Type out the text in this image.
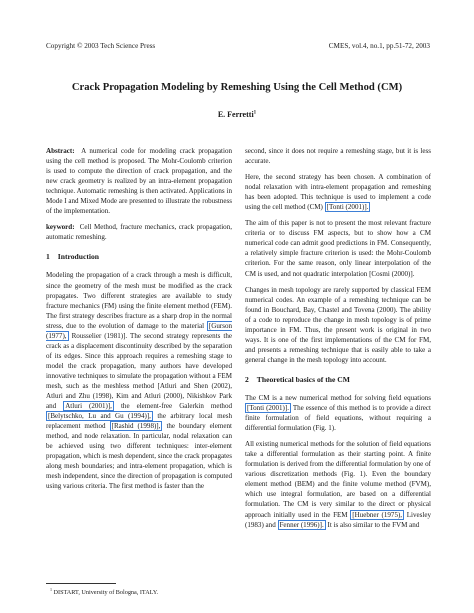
Copyright © 2003 Tech Science Press	CMES, vol.4, no.1, pp.51-72, 2003
Crack Propagation Modeling by Remeshing Using the Cell Method (CM)
E. Ferretti$^1$

Abstract: A numerical code for modeling crack propagation using the cell method is proposed. The Mohr-Coulomb criterion is used to compute the direction of crack propagation, and the new crack geometry is realized by an intra-element propagation technique. Automatic remeshing is then activated. Applications in Mode I and Mixed Mode are presented to illustrate the robustness of the implementation.

keyword: Cell Method, fracture mechanics, crack propagation, automatic remeshing.

1 Introduction

Modeling the propagation of a crack through a mesh is difficult, since the geometry of the mesh must be modified as the crack propagates. Two different strategies are available to study fracture mechanics (FM) using the finite element method (FEM). The first strategy describes fracture as a sharp drop in the normal stress, due to the evolution of damage to the material [Gurson (1977), Rousselier (1981)]. The second strategy represents the crack as a displacement discontinuity described by the separation of its edges. Since this approach requires a remeshing stage to model the crack propagation, many authors have developed innovative techniques to simulate the propagation without a FEM mesh, such as the meshless method [Atluri and Shen (2002), Atluri and Zhu (1998), Kim and Atluri (2000), Nikishkov Park and Atluri (2001)], the element-free Galerkin method [Belytschko, Lu and Gu (1994)], the arbitrary local mesh replacement method [Rashid (1998)], the boundary element method, and node relaxation. In particular, nodal relaxation can be achieved using two different techniques: inter-element propagation, which is mesh dependent, since the crack propagates along mesh boundaries; and intra-element propagation, which is mesh independent, since the direction of propagation is computed using various criteria. The first method is faster than the

second, since it does not require a remeshing stage, but it is less accurate.

Here, the second strategy has been chosen. A combination of nodal relaxation with intra-element propagation and remeshing has been adopted. This technique is used to implement a code using the cell method (CM) [Tonti (2001)].

The aim of this paper is not to present the most relevant fracture criteria or to discuss FM aspects, but to show how a CM numerical code can admit good predictions in FM. Consequently, a relatively simple fracture criterion is used: the Mohr-Coulomb criterion. For the same reason, only linear interpolation of the CM is used, and not quadratic interpolation [Cosmi (2000)].

Changes in mesh topology are rarely supported by classical FEM numerical codes. An example of a remeshing technique can be found in Bouchard, Bay, Chastel and Tovena (2000). The ability of a code to reproduce the change in mesh topology is of prime importance in FM. Thus, the present work is original in two ways. It is one of the first implementations of the CM for FM, and presents a remeshing technique that is easily able to take a general change in the mesh topology into account.

2 Theoretical basics of the CM

The CM is a new numerical method for solving field equations [Tonti (2001)]. The essence of this method is to provide a direct finite formulation of field equations, without requiring a differential formulation (Fig. 1).

All existing numerical methods for the solution of field equations take a differential formulation as their starting point. A finite formulation is derived from the differential formulation by one of various discretization methods (Fig. 1). Even the boundary element method (BEM) and the finite volume method (FVM), which use integral formulation, are based on a differential formulation. The CM is very similar to the direct or physical approach initially used in the FEM [Huebner (1975), Livesley (1983) and Fenner (1996)]. It is also similar to the FVM and

$^1$ DISTART, University of Bologna, ITALY.
